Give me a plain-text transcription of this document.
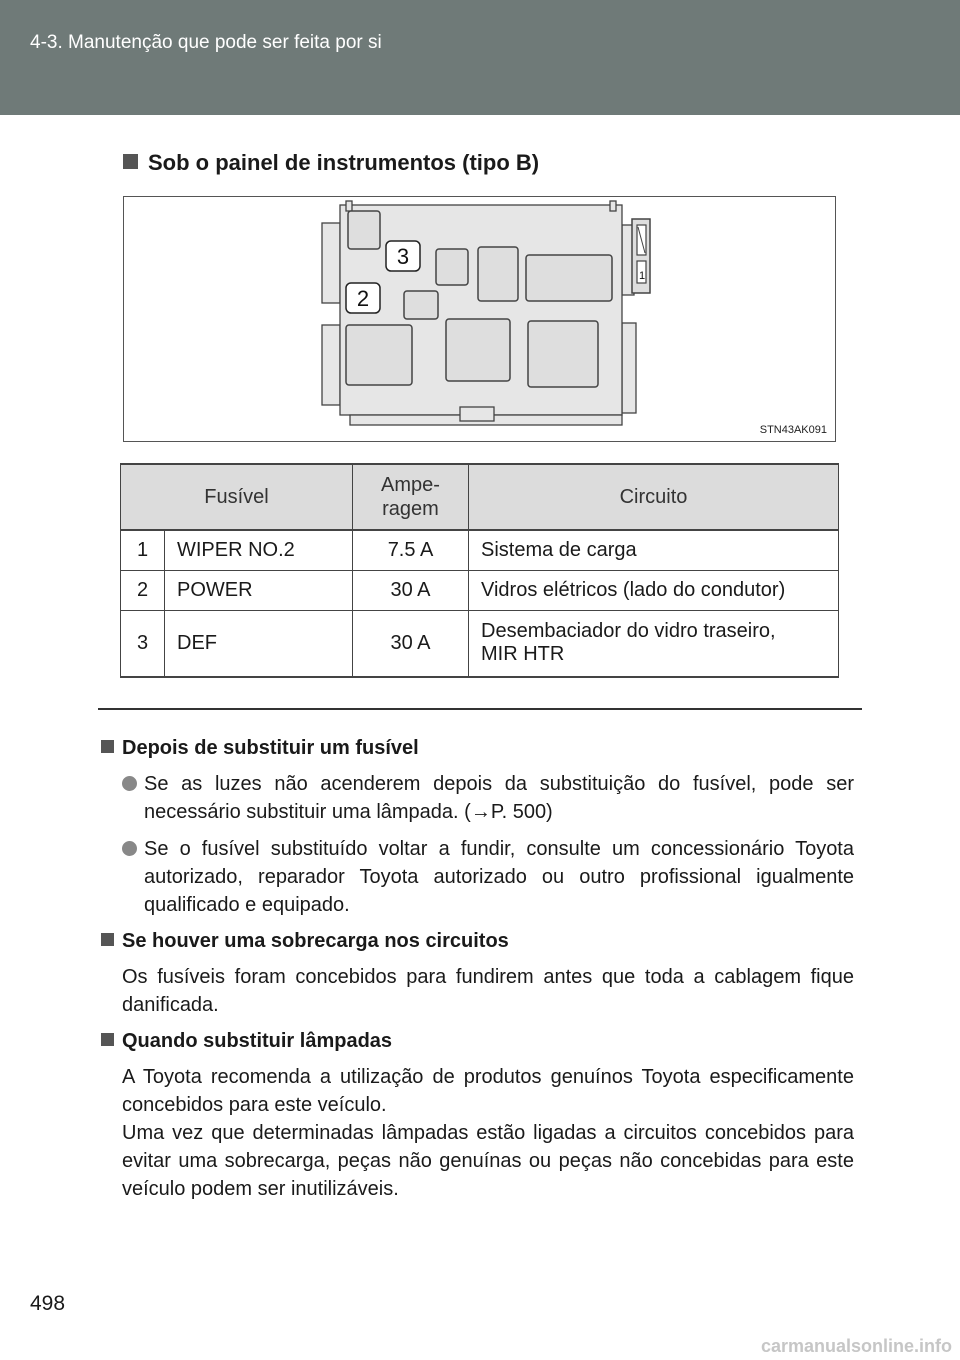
4-3. Manutenção que pode ser feita por si
Sob o painel de instrumentos (tipo B)
3
2
1
STN43AK091
Fusível		Ampe-
ragem	Circuito
1	WIPER NO.2	7.5 A	Sistema de carga
2	POWER	30 A	Vidros elétricos (lado do condutor)
3	DEF	30 A	Desembaciador do vidro traseiro,
MIR HTR
Depois de substituir um fusível
Se as luzes não acenderem depois da substituição do fusível, pode ser necessário substituir uma lâmpada. (→P. 500)
Se o fusível substituído voltar a fundir, consulte um concessionário Toyota autorizado, reparador Toyota autorizado ou outro profissional igualmente qualificado e equipado.
Se houver uma sobrecarga nos circuitos
Os fusíveis foram concebidos para fundirem antes que toda a cablagem fique danificada.
Quando substituir lâmpadas
A Toyota recomenda a utilização de produtos genuínos Toyota especificamente concebidos para este veículo.
Uma vez que determinadas lâmpadas estão ligadas a circuitos concebidos para evitar uma sobrecarga, peças não genuínas ou peças não concebidas para este veículo podem ser inutilizáveis.
498
carmanualsonline.info
